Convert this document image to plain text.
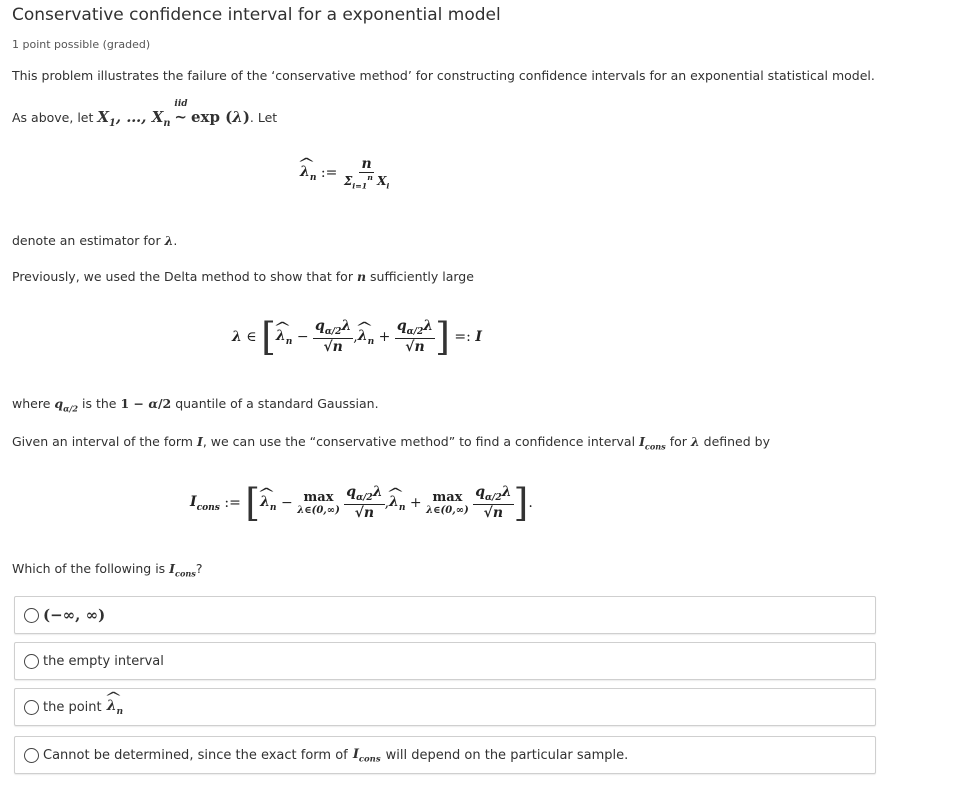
Conservative confidence interval for a exponential model
1 point possible (graded)
This problem illustrates the failure of the ‘conservative method’ for constructing confidence intervals for an exponential statistical model.
As above, let $X_1$, …, $X_n$
iid
~ exp (λ). Let
^ $\lambda_n$ := $\frac{n}{\Sigma_{i=1}^n X_i}$
denote an estimator for λ.
Previously, we used the Delta method to show that for n sufficiently large
λ ∈ [ ^ $\lambda_n - \frac{q_{\alpha/2}\lambda}{√n}$ , ^ $\lambda_n + \frac{q_{\alpha/2}\lambda}{√n}$ ] =: I
where $q_{\alpha/2}$ is the 1 − α/2 quantile of a standard Gaussian.
Given an interval of the form I, we can use the “conservative method” to find a confidence interval $I_{cons}$ for λ defined by
$I_{cons}$ := [ ^ $\lambda_n - \max$
λ∈(0,∞)
$\frac{q_{\alpha/2}\lambda}{√n}$ , ^ $\lambda_n + \max$
λ∈(0,∞)
$\frac{q_{\alpha/2}\lambda}{√n}$ ] .
Which of the following is $I_{cons}$?
(−∞, ∞)
the empty interval
the point
^ $\lambda_n$
Cannot be determined, since the exact form of
$I_{cons}$
will depend on the particular sample.
